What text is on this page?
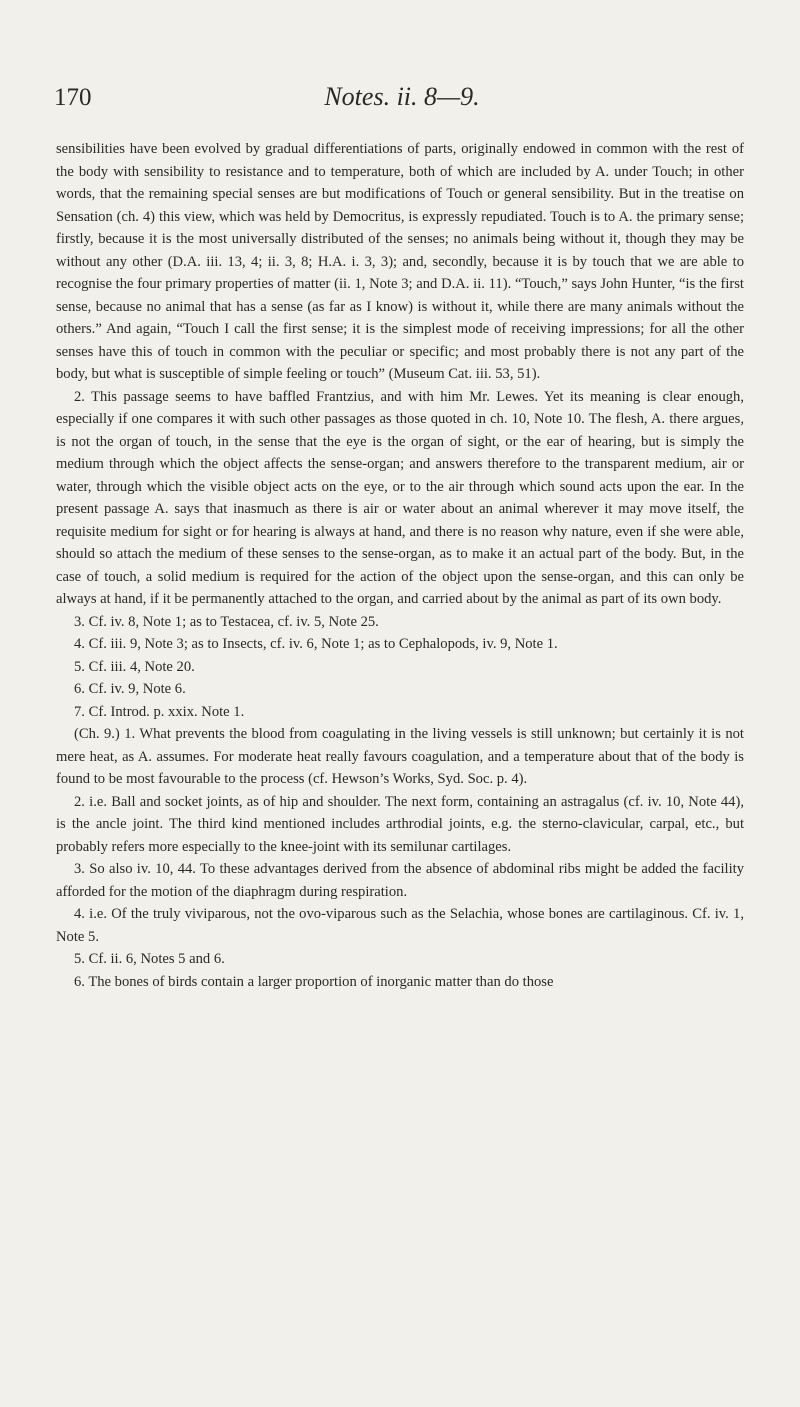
170	Notes. ii. 8—9.

sensibilities have been evolved by gradual differentiations of parts, originally endowed in common with the rest of the body with sensibility to resistance and to temperature, both of which are included by A. under Touch; in other words, that the remaining special senses are but modifications of Touch or general sensibility. But in the treatise on Sensation (ch. 4) this view, which was held by Democritus, is expressly repudiated. Touch is to A. the primary sense; firstly, because it is the most universally distributed of the senses; no animals being without it, though they may be without any other (D.A. iii. 13, 4; ii. 3, 8; H.A. i. 3, 3); and, secondly, because it is by touch that we are able to recognise the four primary properties of matter (ii. 1, Note 3; and D.A. ii. 11). “Touch,” says John Hunter, “is the first sense, because no animal that has a sense (as far as I know) is without it, while there are many animals without the others.” And again, “Touch I call the first sense; it is the simplest mode of receiving impressions; for all the other senses have this of touch in common with the peculiar or specific; and most probably there is not any part of the body, but what is susceptible of simple feeling or touch” (Museum Cat. iii. 53, 51).

2. This passage seems to have baffled Frantzius, and with him Mr. Lewes. Yet its meaning is clear enough, especially if one compares it with such other passages as those quoted in ch. 10, Note 10. The flesh, A. there argues, is not the organ of touch, in the sense that the eye is the organ of sight, or the ear of hearing, but is simply the medium through which the object affects the sense-organ; and answers therefore to the transparent medium, air or water, through which the visible object acts on the eye, or to the air through which sound acts upon the ear. In the present passage A. says that inasmuch as there is air or water about an animal wherever it may move itself, the requisite medium for sight or for hearing is always at hand, and there is no reason why nature, even if she were able, should so attach the medium of these senses to the sense-organ, as to make it an actual part of the body. But, in the case of touch, a solid medium is required for the action of the object upon the sense-organ, and this can only be always at hand, if it be permanently attached to the organ, and carried about by the animal as part of its own body.

3. Cf. iv. 8, Note 1; as to Testacea, cf. iv. 5, Note 25.

4. Cf. iii. 9, Note 3; as to Insects, cf. iv. 6, Note 1; as to Cephalopods, iv. 9, Note 1.

5. Cf. iii. 4, Note 20.

6. Cf. iv. 9, Note 6.

7. Cf. Introd. p. xxix. Note 1.

(Ch. 9.) 1. What prevents the blood from coagulating in the living vessels is still unknown; but certainly it is not mere heat, as A. assumes. For moderate heat really favours coagulation, and a temperature about that of the body is found to be most favourable to the process (cf. Hewson’s Works, Syd. Soc. p. 4).

2. i.e. Ball and socket joints, as of hip and shoulder. The next form, containing an astragalus (cf. iv. 10, Note 44), is the ancle joint. The third kind mentioned includes arthrodial joints, e.g. the sterno-clavicular, carpal, etc., but probably refers more especially to the knee-joint with its semilunar cartilages.

3. So also iv. 10, 44. To these advantages derived from the absence of abdominal ribs might be added the facility afforded for the motion of the diaphragm during respiration.

4. i.e. Of the truly viviparous, not the ovo-viparous such as the Selachia, whose bones are cartilaginous. Cf. iv. 1, Note 5.

5. Cf. ii. 6, Notes 5 and 6.

6. The bones of birds contain a larger proportion of inorganic matter than do those
